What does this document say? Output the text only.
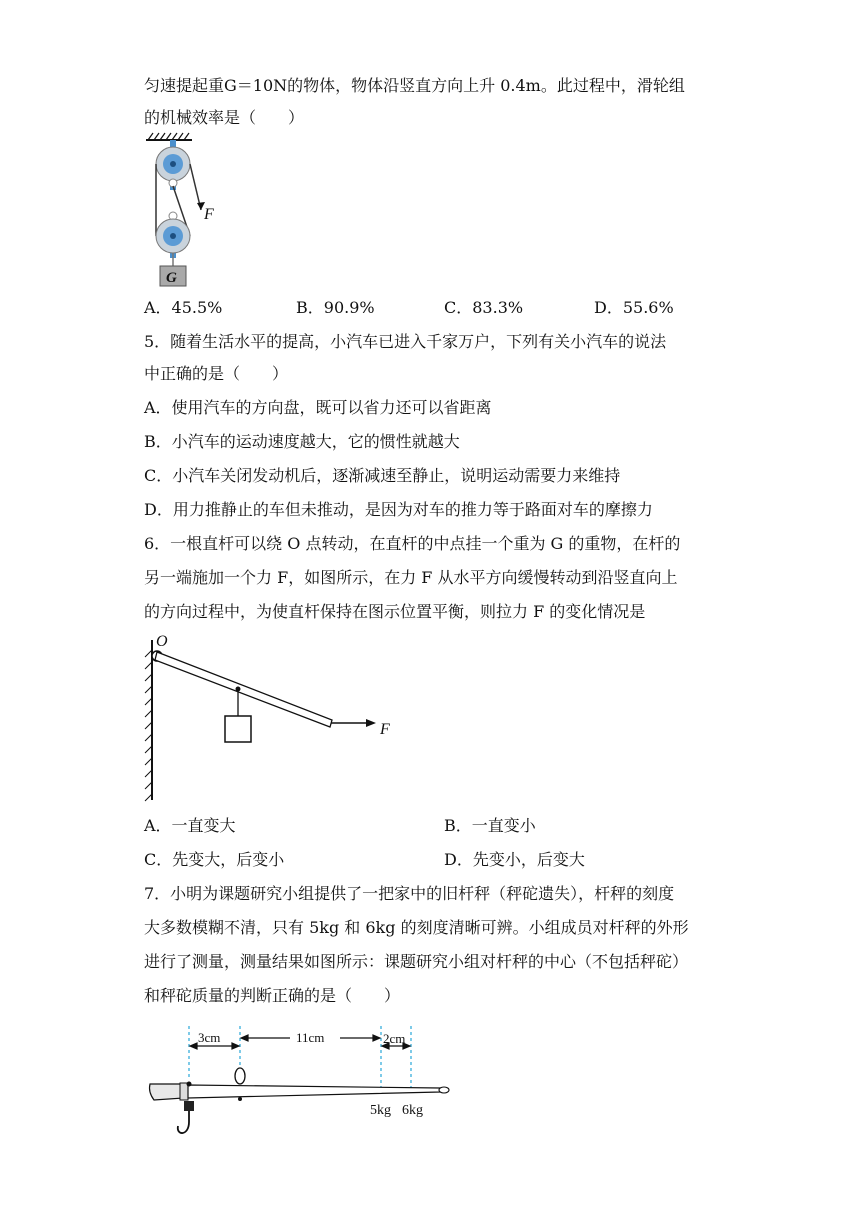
匀速提起重G＝10N的物体，物体沿竖直方向上升 0.4m。此过程中，滑轮组
的机械效率是（　　）
F
G
A．45.5%	B．90.9%	C．83.3%	D．55.6%
5．随着生活水平的提高，小汽车已进入千家万户，下列有关小汽车的说法
中正确的是（　　）
A．使用汽车的方向盘，既可以省力还可以省距离
B．小汽车的运动速度越大，它的惯性就越大
C．小汽车关闭发动机后，逐渐减速至静止，说明运动需要力来维持
D．用力推静止的车但未推动，是因为对车的推力等于路面对车的摩擦力
6．一根直杆可以绕 O 点转动，在直杆的中点挂一个重为 G 的重物，在杆的
另一端施加一个力 F，如图所示，在力 F 从水平方向缓慢转动到沿竖直向上
的方向过程中，为使直杆保持在图示位置平衡，则拉力 F 的变化情况是
O
F
A．一直变大	B．一直变小
C．先变大，后变小	D．先变小，后变大
7．小明为课题研究小组提供了一把家中的旧杆秤（秤砣遗失），杆秤的刻度
大多数模糊不清，只有 5kg 和 6kg 的刻度清晰可辨。小组成员对杆秤的外形
进行了测量，测量结果如图所示：课题研究小组对杆秤的中心（不包括秤砣）
和秤砣质量的判断正确的是（　　）
3cm	11cm	2cm
5kg 6kg
